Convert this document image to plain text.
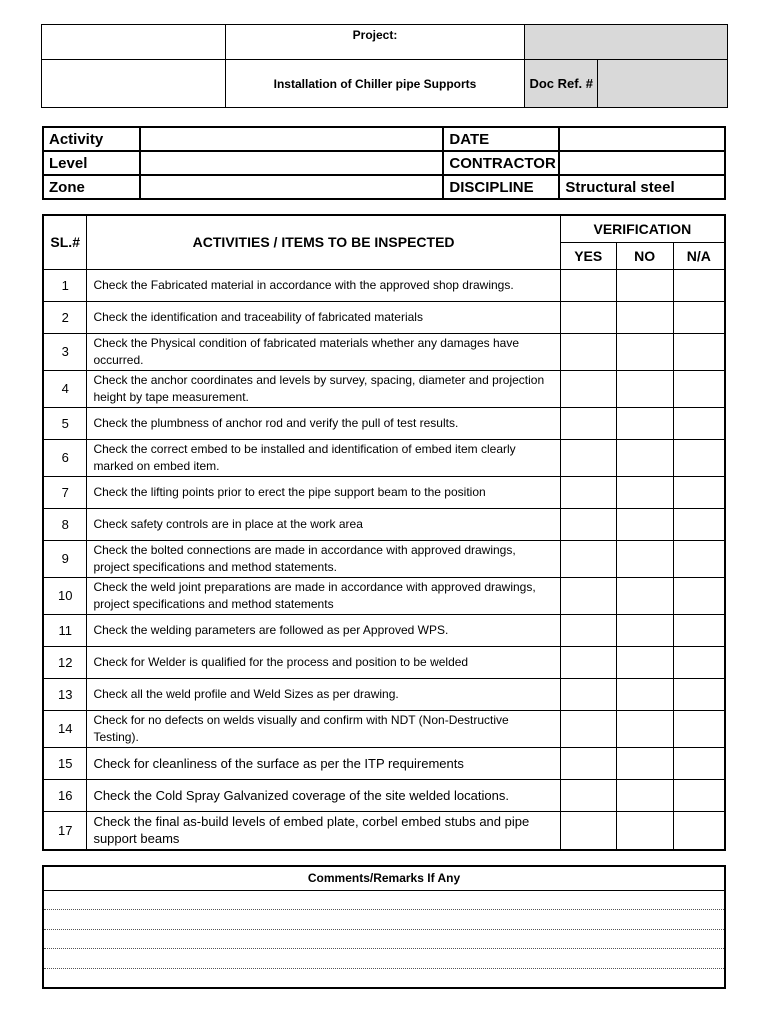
	Project:		
	Installation of Chiller pipe Supports	Doc Ref. #	
Activity		DATE	
Level		CONTRACTOR	
Zone		DISCIPLINE	Structural steel
SL.#	ACTIVITIES / ITEMS TO BE INSPECTED	VERIFICATION		
		YES	NO	N/A
1	Check the Fabricated material in accordance with the approved shop drawings.			
2	Check the identification and traceability of fabricated materials			
3	Check the Physical condition of fabricated materials whether any damages have occurred.			
4	Check the anchor coordinates and levels by survey, spacing, diameter and projection height by tape measurement.			
5	Check the plumbness of anchor rod and verify the pull of test results.			
6	Check the correct embed to be installed and identification of embed item clearly marked on embed item.			
7	Check the lifting points prior to erect the pipe support beam to the position			
8	Check safety controls are in place at the work area			
9	Check the bolted connections are made in accordance with approved drawings, project specifications and method statements.			
10	Check the weld joint preparations are made in accordance with approved drawings, project specifications and method statements			
11	Check the welding parameters are followed as per Approved WPS.			
12	Check for Welder is qualified for the process and position to be welded			
13	Check all the weld profile and Weld Sizes as per drawing.			
14	Check for no defects on welds visually and confirm with NDT (Non-Destructive Testing).			
15	Check for cleanliness of the surface as per the ITP requirements			
16	Check the Cold Spray Galvanized coverage of the site welded locations.			
17	Check the final as-build levels of embed plate, corbel embed stubs and pipe support beams			
Comments/Remarks If Any
